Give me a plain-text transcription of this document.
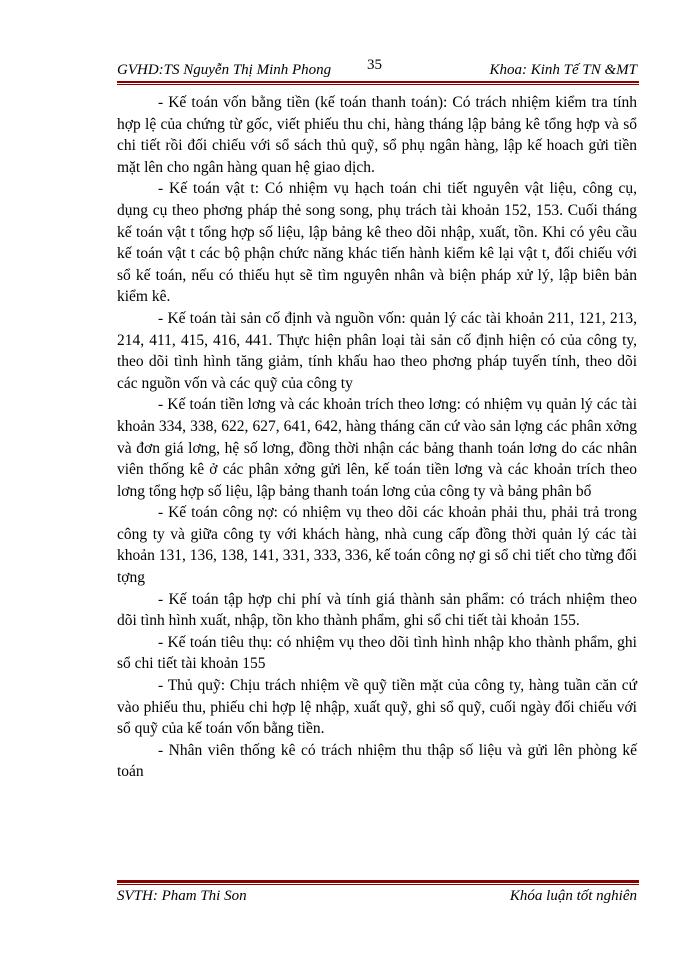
GVHD:TS Nguyễn Thị Minh Phong 35	Khoa: Kinh Tế TN &MT

- Kế toán vốn bằng tiền (kế toán thanh toán): Có trách nhiệm kiểm tra tính hợp lệ của chứng từ gốc, viết phiếu thu chi, hàng tháng lập bảng kê tổng hợp và sổ chi tiết rồi đối chiếu với sổ sách thủ quỹ, sổ phụ ngân hàng, lập kế hoach gửi tiền mặt lên cho ngân hàng quan hệ giao dịch.

- Kế toán vật t: Có nhiệm vụ hạch toán chi tiết nguyên vật liệu, công cụ, dụng cụ theo phơng pháp thẻ song song, phụ trách tài khoản 152, 153. Cuối tháng kế toán vật t tổng hợp số liệu, lập bảng kê theo dõi nhập, xuất, tồn. Khi có yêu cầu kế toán vật t các bộ phận chức năng khác tiến hành kiểm kê lại vật t, đối chiếu với sổ kế toán, nếu có thiếu hụt sẽ tìm nguyên nhân và biện pháp xử lý, lập biên bản kiểm kê.

- Kế toán tài sản cố định và nguồn vốn: quản lý các tài khoản 211, 121, 213, 214, 411, 415, 416, 441. Thực hiện phân loại tài sản cố định hiện có của công ty, theo dõi tình hình tăng giảm, tính khấu hao theo phơng pháp tuyến tính, theo dõi các nguồn vốn và các quỹ của công ty

- Kế toán tiền lơng và các khoản trích theo lơng: có nhiệm vụ quản lý các tài khoản 334, 338, 622, 627, 641, 642, hàng tháng căn cứ vào sản lợng các phân xởng và đơn giá lơng, hệ số lơng, đồng thời nhận các bảng thanh toán lơng do các nhân viên thống kê ở các phân xởng gửi lên, kế toán tiền lơng và các khoản trích theo lơng tổng hợp số liệu, lập bảng thanh toán lơng của công ty và bảng phân bổ

- Kế toán công nợ: có nhiệm vụ theo dõi các khoản phải thu, phải trả trong công ty và giữa công ty với khách hàng, nhà cung cấp đồng thời quản lý các tài khoản 131, 136, 138, 141, 331, 333, 336, kế toán công nợ gi sổ chi tiết cho từng đối tợng

- Kế toán tập hợp chi phí và tính giá thành sản phẩm: có trách nhiệm theo dõi tình hình xuất, nhập, tồn kho thành phẩm, ghi sổ chi tiết tài khoản 155.

- Kế toán tiêu thụ: có nhiệm vụ theo dõi tình hình nhập kho thành phẩm, ghi sổ chi tiết tài khoản 155

- Thủ quỹ: Chịu trách nhiệm về quỹ tiền mặt của công ty, hàng tuần căn cứ vào phiếu thu, phiếu chi hợp lệ nhập, xuất quỹ, ghi sổ quỹ, cuối ngày đối chiếu với sổ quỹ của kế toán vốn bằng tiền.

- Nhân viên thống kê có trách nhiệm thu thập số liệu và gửi lên phòng kế toán

SVTH: Pham Thi Son	Khóa luận tốt nghiên
